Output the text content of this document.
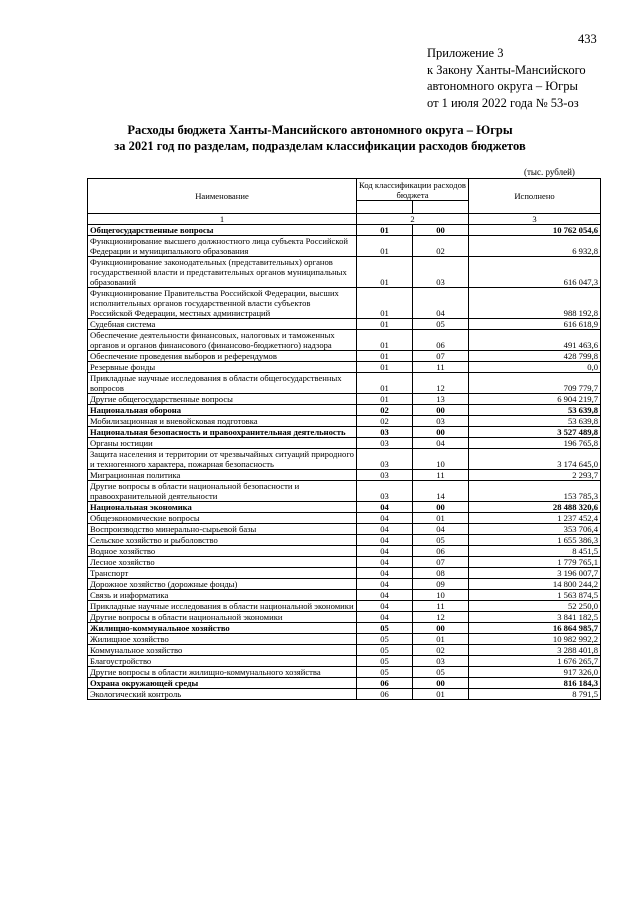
433
Приложение 3
к Закону Ханты-Мансийского
автономного округа – Югры
от 1 июля 2022 года № 53-оз
Расходы бюджета Ханты-Мансийского автономного округа – Югры
за 2021 год по разделам, подразделам классификации расходов бюджетов
(тыс. рублей)
Наименование	Код классификации расходов бюджета		Исполнено

1	2		3
Общегосударственные вопросы	01	00	10 762 054,6
Функционирование высшего должностного лица субъекта Российской Федерации и муниципального образования	01	02	6 932,8
Функционирование законодательных (представительных) органов государственной власти и представительных органов муниципальных образований	01	03	616 047,3
Функционирование Правительства Российской Федерации, высших исполнительных органов государственной власти субъектов Российской Федерации, местных администраций	01	04	988 192,8
Судебная система	01	05	616 618,9
Обеспечение деятельности финансовых, налоговых и таможенных органов и органов финансового (финансово-бюджетного) надзора	01	06	491 463,6
Обеспечение проведения выборов и референдумов	01	07	428 799,8
Резервные фонды	01	11	0,0
Прикладные научные исследования в области общегосударственных вопросов	01	12	709 779,7
Другие общегосударственные вопросы	01	13	6 904 219,7
Национальная оборона	02	00	53 639,8
Мобилизационная и вневойсковая подготовка	02	03	53 639,8
Национальная безопасность и правоохранительная деятельность	03	00	3 527 489,8
Органы юстиции	03	04	196 765,8
Защита населения и территории от чрезвычайных ситуаций природного и техногенного характера, пожарная безопасность	03	10	3 174 645,0
Миграционная политика	03	11	2 293,7
Другие вопросы в области национальной безопасности и правоохранительной деятельности	03	14	153 785,3
Национальная экономика	04	00	28 488 320,6
Общеэкономические вопросы	04	01	1 237 452,4
Воспроизводство минерально-сырьевой базы	04	04	353 706,4
Сельское хозяйство и рыболовство	04	05	1 655 386,3
Водное хозяйство	04	06	8 451,5
Лесное хозяйство	04	07	1 779 765,1
Транспорт	04	08	3 196 007,7
Дорожное хозяйство (дорожные фонды)	04	09	14 800 244,2
Связь и информатика	04	10	1 563 874,5
Прикладные научные исследования в области национальной экономики	04	11	52 250,0
Другие вопросы в области национальной экономики	04	12	3 841 182,5
Жилищно-коммунальное хозяйство	05	00	16 864 985,7
Жилищное хозяйство	05	01	10 982 992,2
Коммунальное хозяйство	05	02	3 288 401,8
Благоустройство	05	03	1 676 265,7
Другие вопросы в области жилищно-коммунального хозяйства	05	05	917 326,0
Охрана окружающей среды	06	00	816 184,3
Экологический контроль	06	01	8 791,5
